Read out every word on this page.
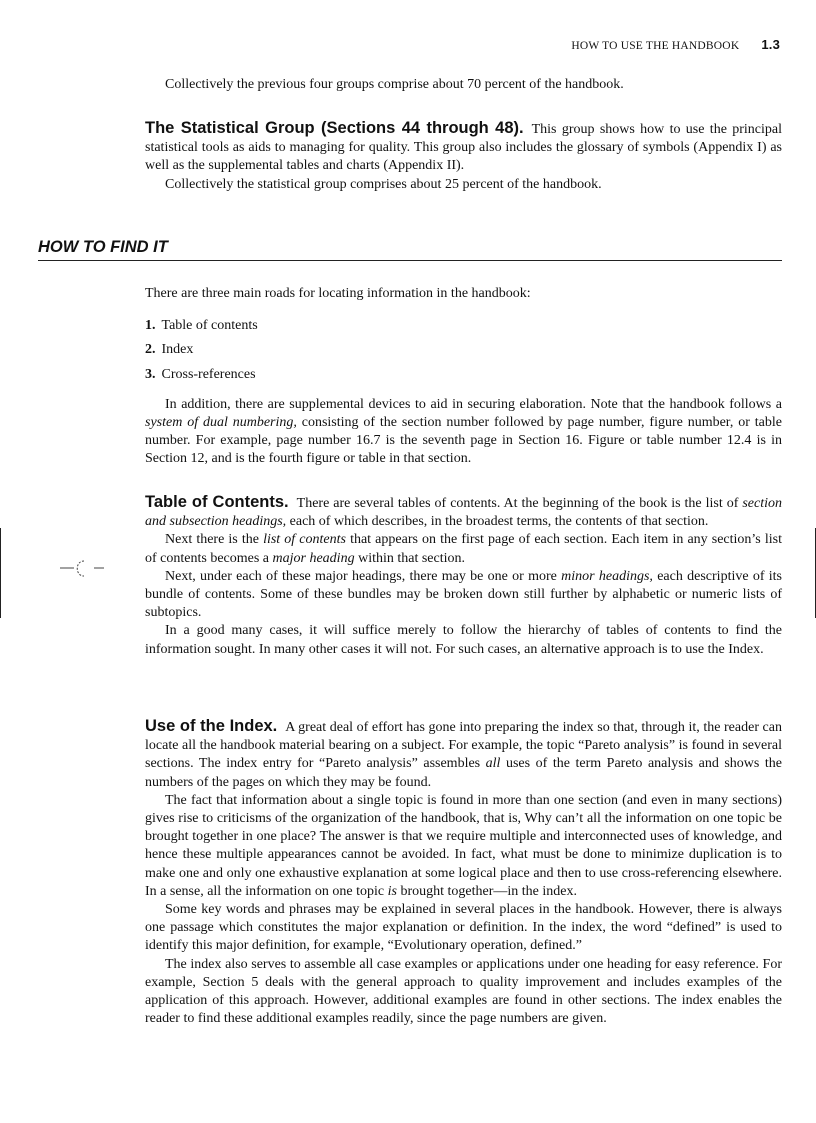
HOW TO USE THE HANDBOOK 1.3

Collectively the previous four groups comprise about 70 percent of the handbook.

The Statistical Group (Sections 44 through 48). This group shows how to use the principal statistical tools as aids to managing for quality. This group also includes the glossary of symbols (Appendix I) as well as the supplemental tables and charts (Appendix II).

Collectively the statistical group comprises about 25 percent of the handbook.

HOW TO FIND IT

There are three main roads for locating information in the handbook:

1. Table of contents
2. Index
3. Cross-references

In addition, there are supplemental devices to aid in securing elaboration. Note that the handbook follows a system of dual numbering, consisting of the section number followed by page number, figure number, or table number. For example, page number 16.7 is the seventh page in Section 16. Figure or table number 12.4 is in Section 12, and is the fourth figure or table in that section.

Table of Contents. There are several tables of contents. At the beginning of the book is the list of section and subsection headings, each of which describes, in the broadest terms, the contents of that section.

Next there is the list of contents that appears on the first page of each section. Each item in any section’s list of contents becomes a major heading within that section.

Next, under each of these major headings, there may be one or more minor headings, each descriptive of its bundle of contents. Some of these bundles may be broken down still further by alphabetic or numeric lists of subtopics.

In a good many cases, it will suffice merely to follow the hierarchy of tables of contents to find the information sought. In many other cases it will not. For such cases, an alternative approach is to use the Index.

Use of the Index. A great deal of effort has gone into preparing the index so that, through it, the reader can locate all the handbook material bearing on a subject. For example, the topic “Pareto analysis” is found in several sections. The index entry for “Pareto analysis” assembles all uses of the term Pareto analysis and shows the numbers of the pages on which they may be found.

The fact that information about a single topic is found in more than one section (and even in many sections) gives rise to criticisms of the organization of the handbook, that is, Why can’t all the information on one topic be brought together in one place? The answer is that we require multiple and interconnected uses of knowledge, and hence these multiple appearances cannot be avoided. In fact, what must be done to minimize duplication is to make one and only one exhaustive explanation at some logical place and then to use cross-referencing elsewhere. In a sense, all the information on one topic is brought together—in the index.

Some key words and phrases may be explained in several places in the handbook. However, there is always one passage which constitutes the major explanation or definition. In the index, the word “defined” is used to identify this major definition, for example, “Evolutionary operation, defined.”

The index also serves to assemble all case examples or applications under one heading for easy reference. For example, Section 5 deals with the general approach to quality improvement and includes examples of the application of this approach. However, additional examples are found in other sections. The index enables the reader to find these additional examples readily, since the page numbers are given.
